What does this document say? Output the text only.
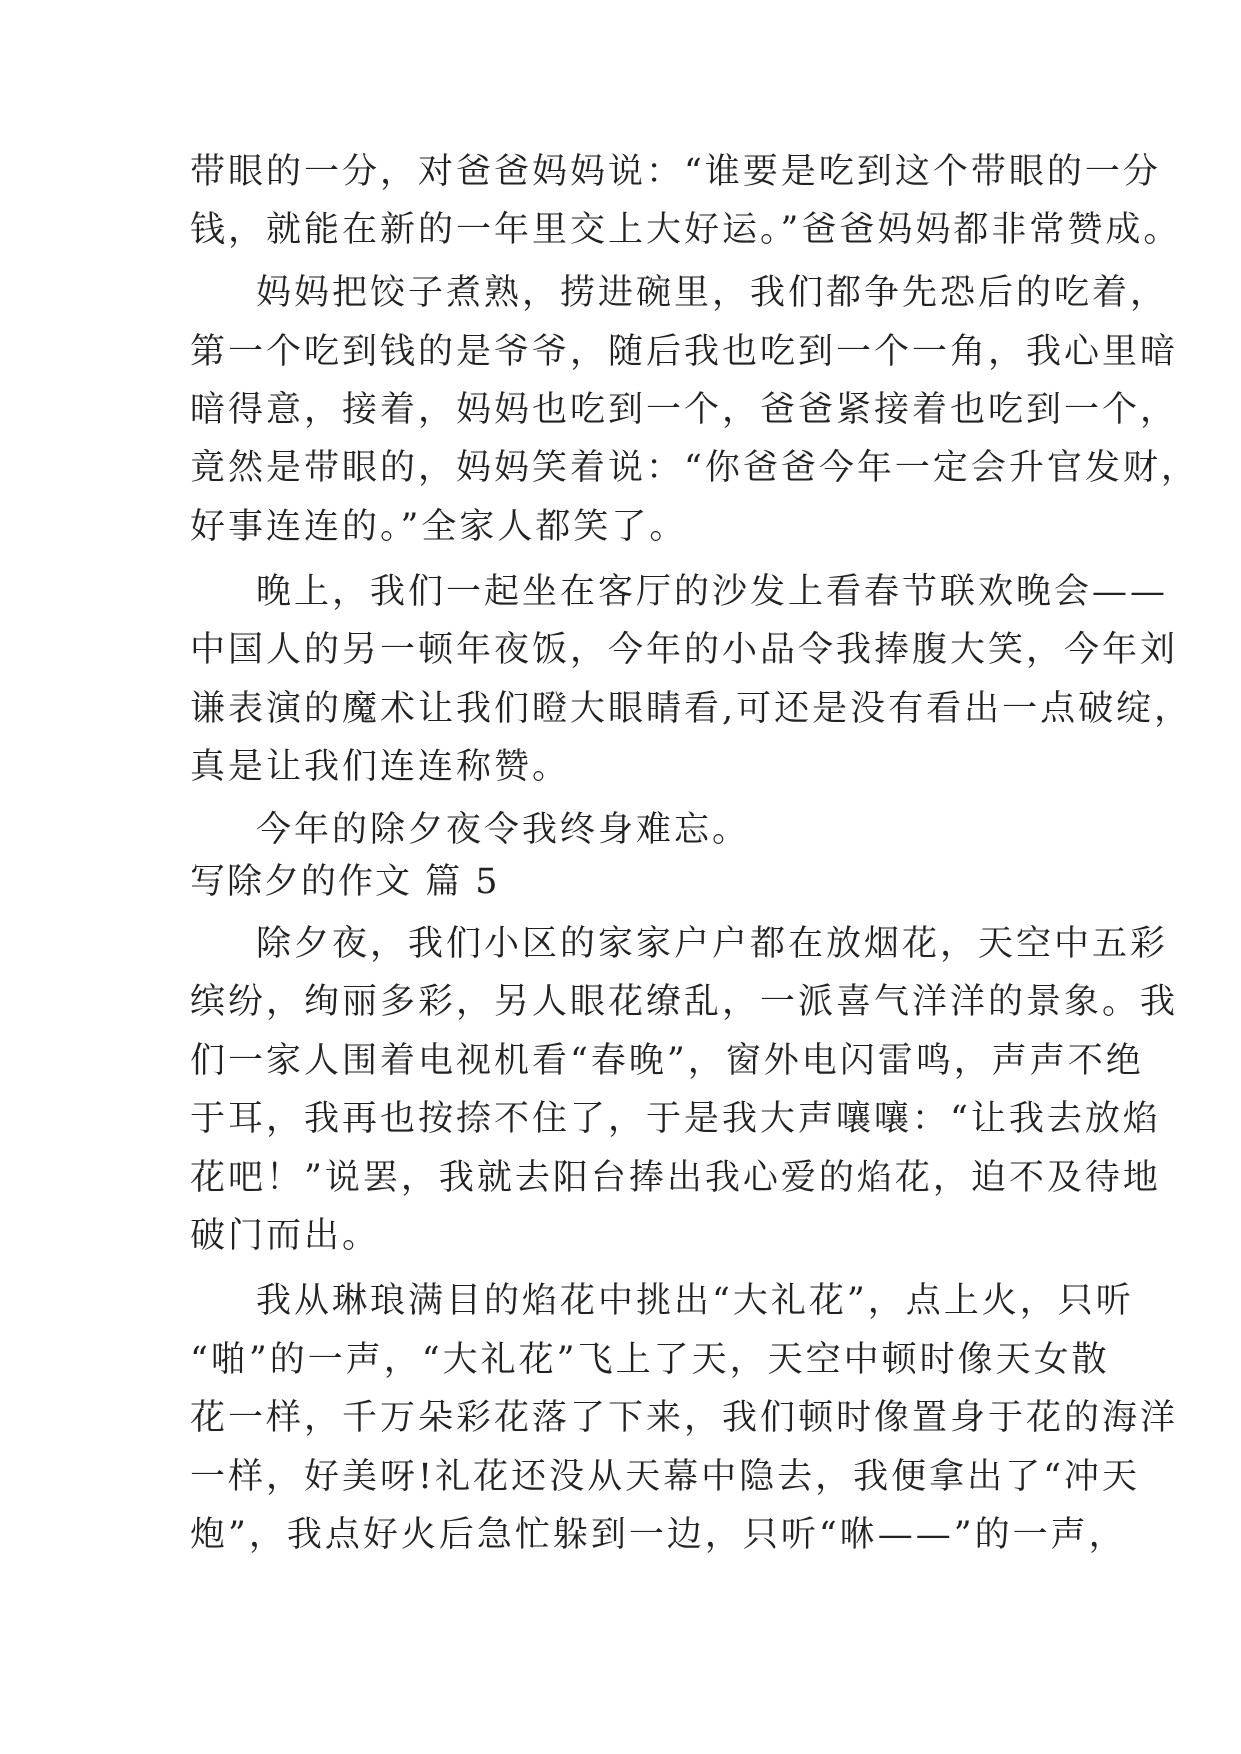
带眼的一分，对爸爸妈妈说：“谁要是吃到这个带眼的一分
钱，就能在新的一年里交上大好运。”爸爸妈妈都非常赞成。
妈妈把饺子煮熟，捞进碗里，我们都争先恐后的吃着，
第一个吃到钱的是爷爷，随后我也吃到一个一角，我心里暗
暗得意，接着，妈妈也吃到一个，爸爸紧接着也吃到一个，
竟然是带眼的，妈妈笑着说：“你爸爸今年一定会升官发财，
好事连连的。”全家人都笑了。
晚上，我们一起坐在客厅的沙发上看春节联欢晚会——
中国人的另一顿年夜饭，今年的小品令我捧腹大笑，今年刘
谦表演的魔术让我们瞪大眼睛看,可还是没有看出一点破绽，
真是让我们连连称赞。
今年的除夕夜令我终身难忘。
写除夕的作文 篇 5
除夕夜，我们小区的家家户户都在放烟花，天空中五彩
缤纷，绚丽多彩，另人眼花缭乱，一派喜气洋洋的景象。我
们一家人围着电视机看“春晚”，窗外电闪雷鸣，声声不绝
于耳，我再也按捺不住了，于是我大声嚷嚷：“让我去放焰
花吧！”说罢，我就去阳台捧出我心爱的焰花，迫不及待地
破门而出。
我从琳琅满目的焰花中挑出“大礼花”，点上火，只听
“啪”的一声，“大礼花”飞上了天，天空中顿时像天女散
花一样，千万朵彩花落了下来，我们顿时像置身于花的海洋
一样，好美呀!礼花还没从天幕中隐去，我便拿出了“冲天
炮”，我点好火后急忙躲到一边，只听“咻——”的一声，
